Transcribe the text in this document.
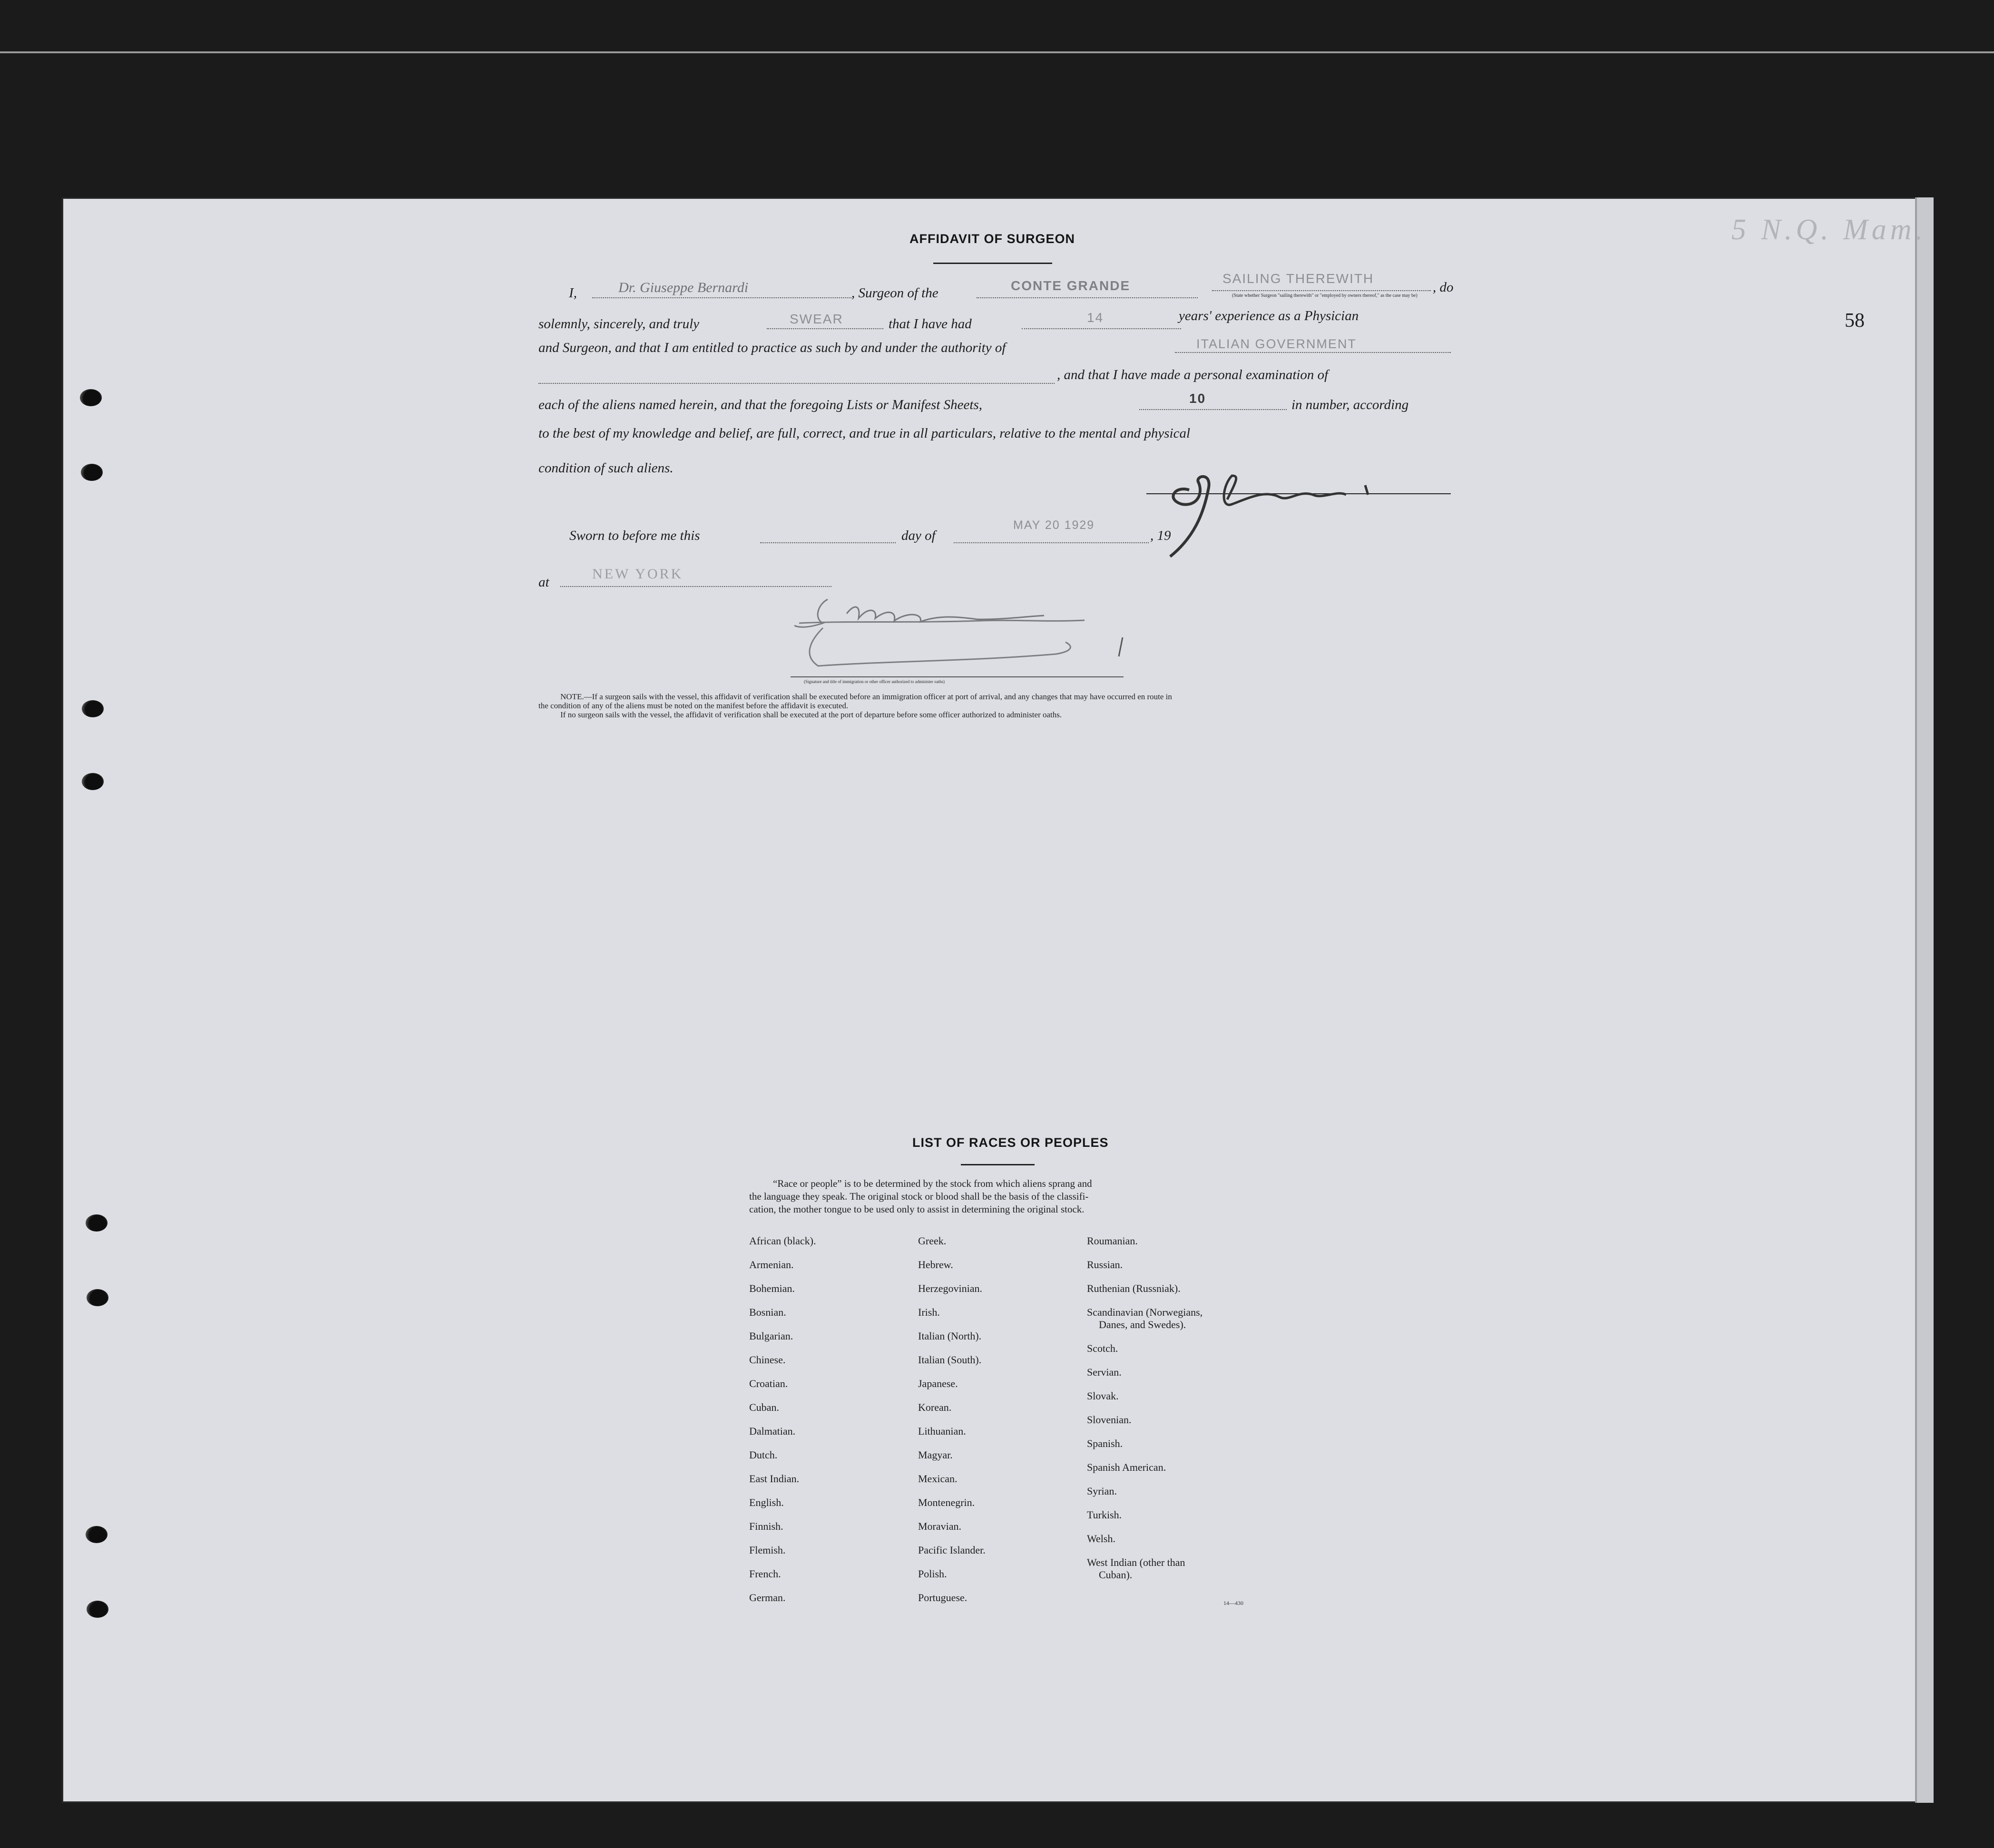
5 N.Q. Mam.
58
AFFIDAVIT OF SURGEON
I,	Dr. Giuseppe Bernardi	, Surgeon of the	CONTE GRANDE	SAILING THEREWITH
, do
(State whether Surgeon "sailing therewith" or "employed by owners thereof," as the case may be)
solemnly, sincerely, and truly	SWEAR	that I have had	14	years' experience as a Physician
and Surgeon, and that I am entitled to practice as such by and under the authority of	ITALIAN GOVERNMENT
, and that I have made a personal examination of
each of the aliens named herein, and that the foregoing Lists or Manifest Sheets,	10	in number, according
to the best of my knowledge and belief, are full, correct, and true in all particulars, relative to the mental and physical
condition of such aliens.
Sworn to before me this	day of
MAY 20 1929
, 19
at
NEW YORK
(Signature and title of immigration or other officer authorized to administer oaths)
NOTE.—If a surgeon sails with the vessel, this affidavit of verification shall be executed before an immigration officer at port of arrival, and any changes that may have occurred en route in
the condition of any of the aliens must be noted on the manifest before the affidavit is executed.
If no surgeon sails with the vessel, the affidavit of verification shall be executed at the port of departure before some officer authorized to administer oaths.
LIST OF RACES OR PEOPLES
“Race or people” is to be determined by the stock from which aliens sprang and
the language they speak. The original stock or blood shall be the basis of the classifi-
cation, the mother tongue to be used only to assist in determining the original stock.
African (black).
Armenian.
Bohemian.
Bosnian.
Bulgarian.
Chinese.
Croatian.
Cuban.
Dalmatian.
Dutch.
East Indian.
English.
Finnish.
Flemish.
French.
German.
Greek.
Hebrew.
Herzegovinian.
Irish.
Italian (North).
Italian (South).
Japanese.
Korean.
Lithuanian.
Magyar.
Mexican.
Montenegrin.
Moravian.
Pacific Islander.
Polish.
Portuguese.
Roumanian.
Russian.
Ruthenian (Russniak).
Scandinavian (Norwegians,
Danes, and Swedes).
Scotch.
Servian.
Slovak.
Slovenian.
Spanish.
Spanish American.
Syrian.
Turkish.
Welsh.
West Indian (other than
Cuban).
14—430
